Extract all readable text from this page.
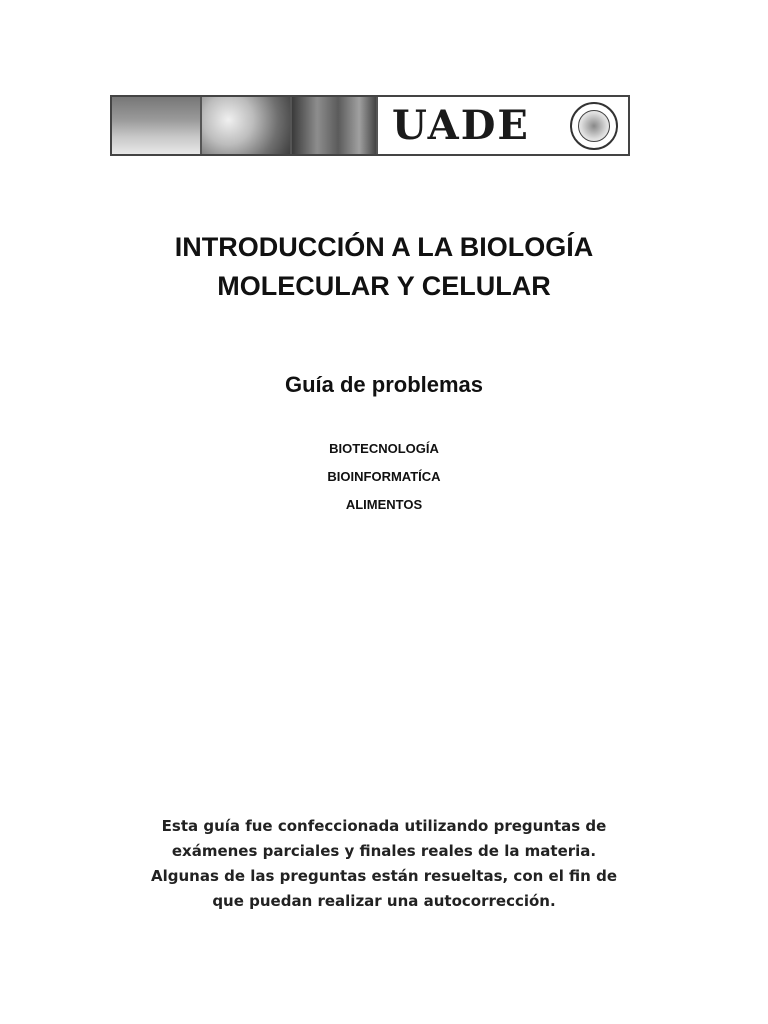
UADE
INTRODUCCIÓN A LA BIOLOGÍA
MOLECULAR Y CELULAR
Guía de problemas
BIOTECNOLOGÍA
BIOINFORMATÍCA
ALIMENTOS

Esta guía fue confeccionada utilizando preguntas de exámenes parciales y finales reales de la materia. Algunas de las preguntas están resueltas, con el fin de que puedan realizar una autocorrección.
